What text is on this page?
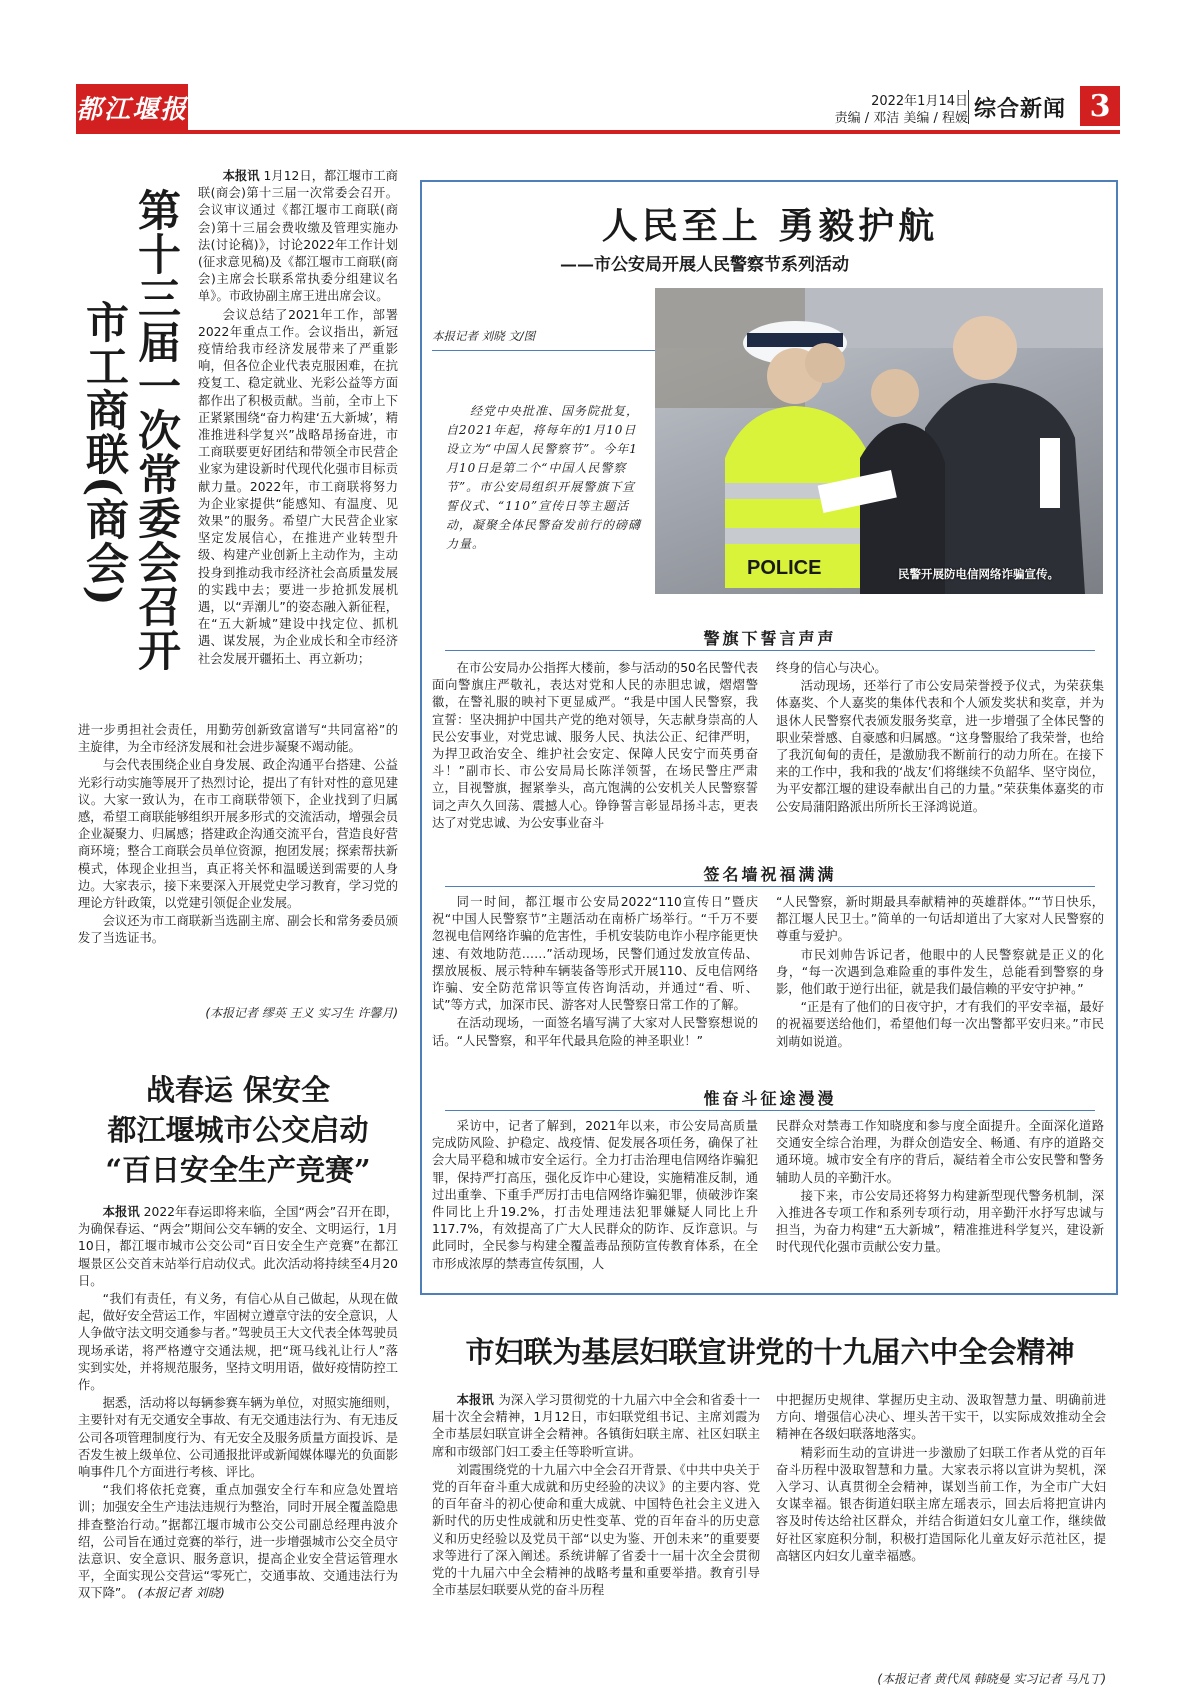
都江堰报	2022年1月14日
责编 / 邓洁 美编 / 程媛 综合新闻 3
第十三届一次常委会召开
市工商联(商会)

本报讯 1月12日，都江堰市工商联(商会)第十三届一次常委会召开。会议审议通过《都江堰市工商联(商会)第十三届会费收缴及管理实施办法(讨论稿)》，讨论2022年工作计划(征求意见稿)及《都江堰市工商联(商会)主席会长联系常执委分组建议名单》。市政协副主席王进出席会议。

会议总结了2021年工作，部署2022年重点工作。会议指出，新冠疫情给我市经济发展带来了严重影响，但各位企业代表克服困难，在抗疫复工、稳定就业、光彩公益等方面都作出了积极贡献。当前，全市上下正紧紧围绕“奋力构建‘五大新城’，精准推进科学复兴”战略昂扬奋进，市工商联要更好团结和带领全市民营企业家为建设新时代现代化强市目标贡献力量。2022年，市工商联将努力为企业家提供“能感知、有温度、见效果”的服务。希望广大民营企业家坚定发展信心，在推进产业转型升级、构建产业创新上主动作为，主动投身到推动我市经济社会高质量发展的实践中去；要进一步抢抓发展机遇，以“弄潮儿”的姿态融入新征程，在“五大新城”建设中找定位、抓机遇、谋发展，为企业成长和全市经济社会发展开疆拓土、再立新功；

进一步勇担社会责任，用勤劳创新致富谱写“共同富裕”的主旋律，为全市经济发展和社会进步凝聚不竭动能。

与会代表围绕企业自身发展、政企沟通平台搭建、公益光彩行动实施等展开了热烈讨论，提出了有针对性的意见建议。大家一致认为，在市工商联带领下，企业找到了归属感，希望工商联能够组织开展多形式的交流活动，增强会员企业凝聚力、归属感；搭建政企沟通交流平台，营造良好营商环境；整合工商联会员单位资源，抱团发展；探索帮扶新模式，体现企业担当，真正将关怀和温暖送到需要的人身边。大家表示，接下来要深入开展党史学习教育，学习党的理论方针政策，以党建引领促企业发展。

会议还为市工商联新当选副主席、副会长和常务委员颁发了当选证书。

(本报记者 缪英 王义 实习生 许馨月)
战春运 保安全
都江堰城市公交启动
“百日安全生产竞赛”

本报讯 2022年春运即将来临，全国“两会”召开在即，为确保春运、“两会”期间公交车辆的安全、文明运行，1月10日，都江堰市城市公交公司“百日安全生产竞赛”在都江堰景区公交首末站举行启动仪式。此次活动将持续至4月20日。

“我们有责任，有义务，有信心从自己做起，从现在做起，做好安全营运工作，牢固树立遵章守法的安全意识，人人争做守法文明交通参与者。”驾驶员王大文代表全体驾驶员现场承诺，将严格遵守交通法规，把“斑马线礼让行人”落实到实处，并将规范服务，坚持文明用语，做好疫情防控工作。

据悉，活动将以每辆参赛车辆为单位，对照实施细则，主要针对有无交通安全事故、有无交通违法行为、有无违反公司各项管理制度行为、有无安全及服务质量方面投诉、是否发生被上级单位、公司通报批评或新闻媒体曝光的负面影响事件几个方面进行考核、评比。

“我们将依托竞赛，重点加强安全行车和应急处置培训；加强安全生产违法违规行为整治，同时开展全覆盖隐患排查整治行动。”据都江堰市城市公交公司副总经理冉波介绍，公司旨在通过竞赛的举行，进一步增强城市公交全员守法意识、安全意识、服务意识，提高企业安全营运管理水平，全面实现公交营运“零死亡，交通事故、交通违法行为双下降”。 (本报记者 刘晓)

人民至上 勇毅护航
——市公安局开展人民警察节系列活动
本报记者 刘晓 文/图
经党中央批准、国务院批复，自2021年起，将每年的1月10日设立为“中国人民警察节”。今年1月10日是第二个“中国人民警察节”。市公安局组织开展警旗下宣誓仪式、“110”宣传日等主题活动，凝聚全体民警奋发前行的磅礴力量。
POLICE	民警开展防电信网络诈骗宣传。
警旗下誓言声声

在市公安局办公指挥大楼前，参与活动的50名民警代表面向警旗庄严敬礼，表达对党和人民的赤胆忠诚，熠熠警徽，在警礼服的映衬下更显威严。“我是中国人民警察，我宣誓：坚决拥护中国共产党的绝对领导，矢志献身崇高的人民公安事业，对党忠诚、服务人民、执法公正、纪律严明，为捍卫政治安全、维护社会安定、保障人民安宁而英勇奋斗！”副市长、市公安局局长陈洋领誓，在场民警庄严肃立，目视警旗，握紧拳头，高亢饱满的公安机关人民警察誓词之声久久回荡、震撼人心。铮铮誓言彰显昂扬斗志，更表达了对党忠诚、为公安事业奋斗

终身的信心与决心。

活动现场，还举行了市公安局荣誉授予仪式，为荣获集体嘉奖、个人嘉奖的集体代表和个人颁发奖状和奖章，并为退休人民警察代表颁发服务奖章，进一步增强了全体民警的职业荣誉感、自豪感和归属感。“这身警服给了我荣誉，也给了我沉甸甸的责任，是激励我不断前行的动力所在。在接下来的工作中，我和我的‘战友’们将继续不负韶华、坚守岗位，为平安都江堰的建设奉献出自己的力量。”荣获集体嘉奖的市公安局蒲阳路派出所所长王泽鸿说道。

签名墙祝福满满

同一时间，都江堰市公安局2022“110宣传日”暨庆祝“中国人民警察节”主题活动在南桥广场举行。“千万不要忽视电信网络诈骗的危害性，手机安装防电诈小程序能更快速、有效地防范……”活动现场，民警们通过发放宣传品、摆放展板、展示特种车辆装备等形式开展110、反电信网络诈骗、安全防范常识等宣传咨询活动，并通过“看、听、试”等方式，加深市民、游客对人民警察日常工作的了解。

在活动现场，一面签名墙写满了大家对人民警察想说的话。“人民警察，和平年代最具危险的神圣职业！”

“人民警察，新时期最具奉献精神的英雄群体。”“节日快乐，都江堰人民卫士。”简单的一句话却道出了大家对人民警察的尊重与爱护。

市民刘帅告诉记者，他眼中的人民警察就是正义的化身，“每一次遇到急难险重的事件发生，总能看到警察的身影，他们敢于逆行出征，就是我们最信赖的平安守护神。”

“正是有了他们的日夜守护，才有我们的平安幸福，最好的祝福要送给他们，希望他们每一次出警都平安归来。”市民刘萌如说道。

惟奋斗征途漫漫

采访中，记者了解到，2021年以来，市公安局高质量完成防风险、护稳定、战疫情、促发展各项任务，确保了社会大局平稳和城市安全运行。全力打击治理电信网络诈骗犯罪，保持严打高压，强化反诈中心建设，实施精准反制，通过出重拳、下重手严厉打击电信网络诈骗犯罪，侦破涉诈案件同比上升19.2%，打击处理违法犯罪嫌疑人同比上升117.7%，有效提高了广大人民群众的防诈、反诈意识。与此同时，全民参与构建全覆盖毒品预防宣传教育体系，在全市形成浓厚的禁毒宣传氛围，人

民群众对禁毒工作知晓度和参与度全面提升。全面深化道路交通安全综合治理，为群众创造安全、畅通、有序的道路交通环境。城市安全有序的背后，凝结着全市公安民警和警务辅助人员的辛勤汗水。

接下来，市公安局还将努力构建新型现代警务机制，深入推进各专项工作和系列专项行动，用辛勤汗水抒写忠诚与担当，为奋力构建“五大新城”，精准推进科学复兴，建设新时代现代化强市贡献公安力量。

市妇联为基层妇联宣讲党的十九届六中全会精神

本报讯 为深入学习贯彻党的十九届六中全会和省委十一届十次全会精神，1月12日，市妇联党组书记、主席刘霞为全市基层妇联宣讲全会精神。各镇街妇联主席、社区妇联主席和市级部门妇工委主任等聆听宣讲。

刘霞围绕党的十九届六中全会召开背景、《中共中央关于党的百年奋斗重大成就和历史经验的决议》的主要内容、党的百年奋斗的初心使命和重大成就、中国特色社会主义进入新时代的历史性成就和历史性变革、党的百年奋斗的历史意义和历史经验以及党员干部“以史为鉴、开创未来”的重要要求等进行了深入阐述。系统讲解了省委十一届十次全会贯彻党的十九届六中全会精神的战略考量和重要举措。教育引导全市基层妇联要从党的奋斗历程

中把握历史规律、掌握历史主动、汲取智慧力量、明确前进方向、增强信心决心、埋头苦干实干，以实际成效推动全会精神在各级妇联落地落实。

精彩而生动的宣讲进一步激励了妇联工作者从党的百年奋斗历程中汲取智慧和力量。大家表示将以宣讲为契机，深入学习、认真贯彻全会精神，谋划当前工作，为全市广大妇女谋幸福。银杏街道妇联主席左瑶表示，回去后将把宣讲内容及时传达给社区群众，并结合街道妇女儿童工作，继续做好社区家庭积分制，积极打造国际化儿童友好示范社区，提高辖区内妇女儿童幸福感。

(本报记者 黄代凤 韩晓曼 实习记者 马凡丁)
